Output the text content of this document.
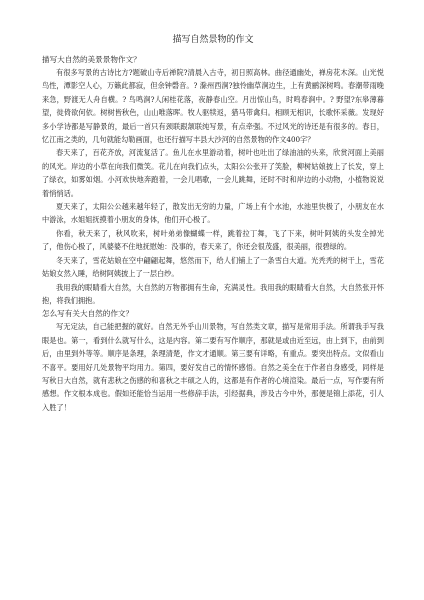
描写自然景物的作文

描写大自然的美景景物作文？

有很多写景的古诗比方?题破山寺后禅院?清晨入古寺，初日照高林。曲径通幽处，禅房花木深。山光悦鸟性，潭影空人心，万籁此都寂，但余钟磬音。? 滁州西涧?独怜幽草涧边生，上有黄鹂深树鸣。春潮带雨晚来急，野渡无人舟自横。? 鸟鸣涧?人闲桂花落，夜静春山空。月出惊山鸟，时鸣春涧中。? 野望?东皋薄暮望，徙倚欲何依。树树皆秋色，山山唯落晖。牧人驱犊返，猎马带禽归。相顾无相识，长歌怀采薇。发现好多小学诗都是写静景的，最后一首只有颈联跟颔联纯写景，有点牵强。不过风光的诗还是有很多的。春日，忆江南之类的，几句就能勾勒画面，也还行描写丰县大沙河的自然景物的作文400字？

春天来了，百花齐放，河流复活了。鱼儿在水里游动着，树叶也吐出了绿油油的头来，欣赏河面上美丽的风光。岸边的小草在向我们微笑。花儿在向我们点头，太阳公公张开了笑脸，柳树姑娘披上了长发，穿上了绿衣，如雾如烟。小河欢快地奔跑着，一会儿唱歌，一会儿跳舞，还时不时和岸边的小动物，小植物说说着悄悄话。

夏天来了，太阳公公越来越年轻了，散发出无穷的力量，广场上有个水池，水池里快极了，小朋友在水中游泳，水姐姐抚摸着小朋友的身体，他们开心极了。

你看，秋天来了，秋风吹来，树叶弟弟像蝴蝶一样，跳着拉丁舞，飞了下来，树叶阿姨的头发全掉光了，他伤心极了，风婆婆不住地抚慰她：没事的，春天来了，你还会很茂盛，很美丽，很碧绿的。

冬天来了，雪花姑娘在空中翩翩起舞，悠然而下，给人们铺上了一条雪白大道。光秃秃的树干上，雪花姑娘女然入睡，给树阿姨披上了一层白纱。

我用我的眼睛看大自然，大自然的万物都拥有生命，充满灵性。我用我的眼睛看大自然，大自然张开怀抱，将我们拥抱。

怎么写有关大自然的作文？

写无定法，自己能把握的就好。自然无外乎山川景物，写自然类文章，描写是常用手法。所谓我手写我眼是也。第一，看到什么就写什么，这是内容。第二要有写作顺序，那就是或由近至远，由上到下，由前到后，由里到外等等。顺序是条理，条理清楚，作文才通顺。第三要有详略，有重点。要突出特点。文似看山不喜平。要用好几处景物平均用力。第四，要好发自己的情怀感悟。自然之美全在于作者自身感受，同样是写秋日大自然，就有悲秋之伤感的和喜秋之丰硕之人的，这都是有作者的心境渲染。最后一点，写作要有所感想。作文根本成也。假如还能恰当运用一些修辞手法，引经据典，涉及古今中外，那便是锦上添花，引人入胜了！
